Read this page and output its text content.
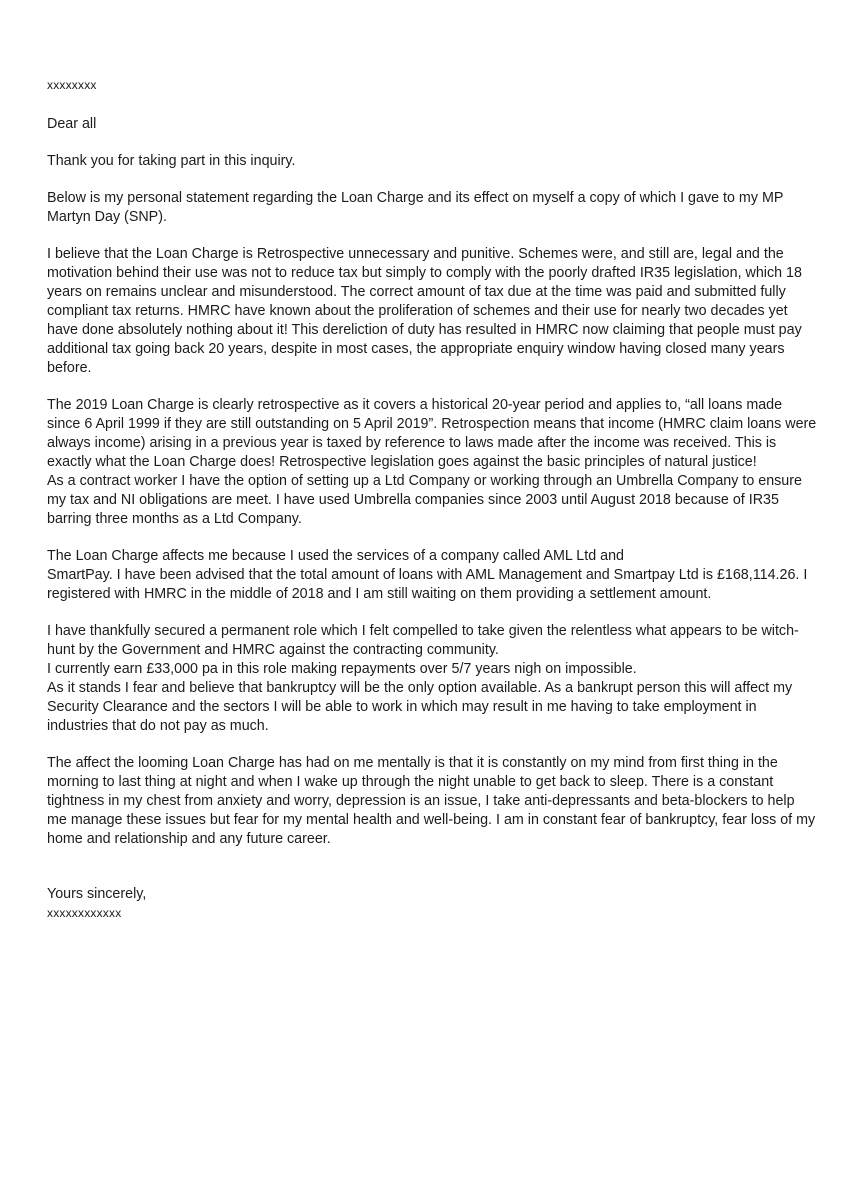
xxxxxxxx

Dear all

Thank you for taking part in this inquiry.

Below is my personal statement regarding the Loan Charge and its effect on myself a copy of which I gave to my MP Martyn Day (SNP).

I believe that the Loan Charge is Retrospective unnecessary and punitive. Schemes were, and still are, legal and the motivation behind their use was not to reduce tax but simply to comply with the poorly drafted IR35 legislation, which 18 years on remains unclear and misunderstood. The correct amount of tax due at the time was paid and submitted fully compliant tax returns. HMRC have known about the proliferation of schemes and their use for nearly two decades yet have done absolutely nothing about it! This dereliction of duty has resulted in HMRC now claiming that people must pay additional tax going back 20 years, despite in most cases, the appropriate enquiry window having closed many years before.

The 2019 Loan Charge is clearly retrospective as it covers a historical 20-year period and applies to, “all loans made since 6 April 1999 if they are still outstanding on 5 April 2019”. Retrospection means that income (HMRC claim loans were always income) arising in a previous year is taxed by reference to laws made after the income was received. This is exactly what the Loan Charge does! Retrospective legislation goes against the basic principles of natural justice!

As a contract worker I have the option of setting up a Ltd Company or working through an Umbrella Company to ensure my tax and NI obligations are meet. I have used Umbrella companies since 2003 until August 2018 because of IR35 barring three months as a Ltd Company.

The Loan Charge affects me because I used the services of a company called AML Ltd and

SmartPay. I have been advised that the total amount of loans with AML Management and Smartpay Ltd is £168,114.26. I registered with HMRC in the middle of 2018 and I am still waiting on them providing a settlement amount.

I have thankfully secured a permanent role which I felt compelled to take given the relentless what appears to be witch-hunt by the Government and HMRC against the contracting community.

I currently earn £33,000 pa in this role making repayments over 5/7 years nigh on impossible.

As it stands I fear and believe that bankruptcy will be the only option available. As a bankrupt person this will affect my Security Clearance and the sectors I will be able to work in which may result in me having to take employment in industries that do not pay as much.

The affect the looming Loan Charge has had on me mentally is that it is constantly on my mind from first thing in the morning to last thing at night and when I wake up through the night unable to get back to sleep. There is a constant tightness in my chest from anxiety and worry, depression is an issue, I take anti-depressants and beta-blockers to help me manage these issues but fear for my mental health and well-being. I am in constant fear of bankruptcy, fear loss of my home and relationship and any future career.

Yours sincerely,

xxxxxxxxxxxx
